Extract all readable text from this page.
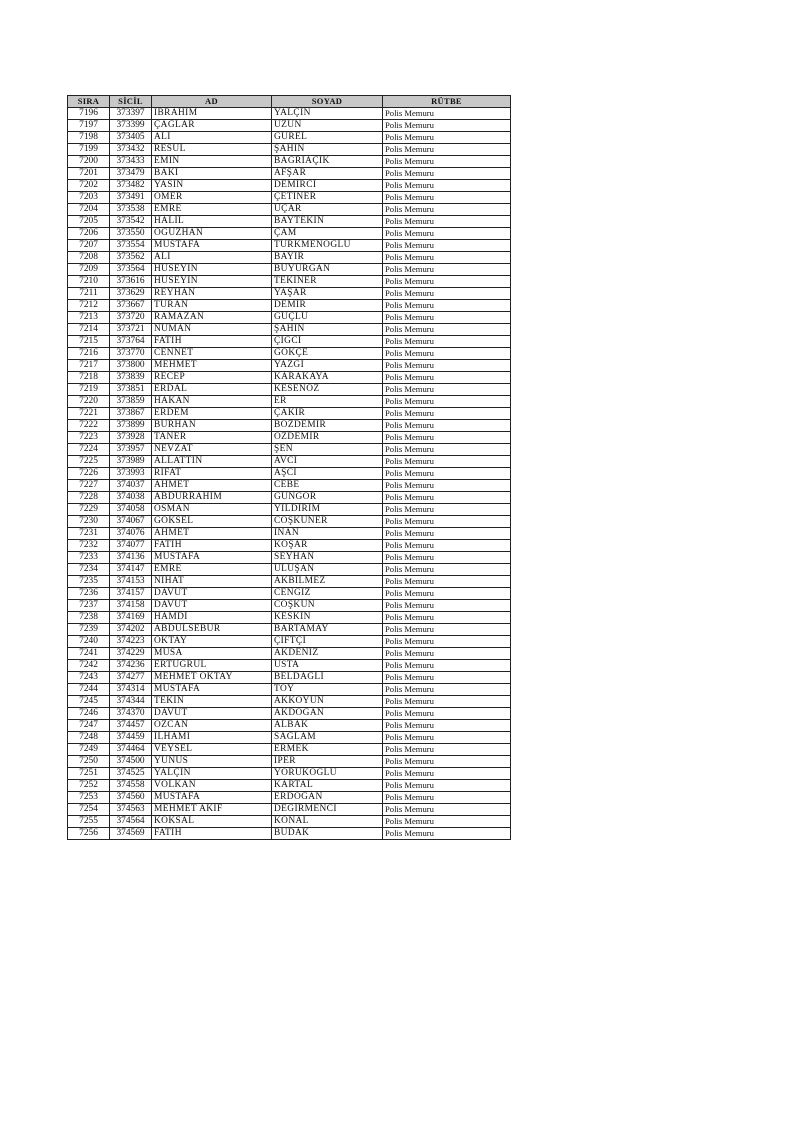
SIRA	SİCİL	AD	SOYAD	RÜTBE
7196	373397	İBRAHİM	YALÇIN	Polis Memuru
7197	373399	ÇAĞLAR	UZUN	Polis Memuru
7198	373405	ALİ	GÜREL	Polis Memuru
7199	373432	RESUL	ŞAHİN	Polis Memuru
7200	373433	EMİN	BAĞRIAÇIK	Polis Memuru
7201	373479	BAKİ	AFŞAR	Polis Memuru
7202	373482	YASİN	DEMİRCİ	Polis Memuru
7203	373491	ÖMER	ÇETİNER	Polis Memuru
7204	373538	EMRE	UÇAR	Polis Memuru
7205	373542	HALİL	BAYTEKİN	Polis Memuru
7206	373550	OĞUZHAN	ÇAM	Polis Memuru
7207	373554	MUSTAFA	TÜRKMENOĞLU	Polis Memuru
7208	373562	ALİ	BAYIR	Polis Memuru
7209	373564	HÜSEYİN	BUYURGAN	Polis Memuru
7210	373616	HÜSEYİN	TEKİNER	Polis Memuru
7211	373629	REYHAN	YAŞAR	Polis Memuru
7212	373667	TURAN	DEMİR	Polis Memuru
7213	373720	RAMAZAN	GÜÇLÜ	Polis Memuru
7214	373721	NUMAN	ŞAHİN	Polis Memuru
7215	373764	FATİH	ÇİĞCİ	Polis Memuru
7216	373770	CENNET	GÖKÇE	Polis Memuru
7217	373800	MEHMET	YAZĞI	Polis Memuru
7218	373839	RECEP	KARAKAYA	Polis Memuru
7219	373851	ERDAL	KESENÖZ	Polis Memuru
7220	373859	HAKAN	ER	Polis Memuru
7221	373867	ERDEM	ÇAKIR	Polis Memuru
7222	373899	BURHAN	BOZDEMİR	Polis Memuru
7223	373928	TANER	ÖZDEMİR	Polis Memuru
7224	373957	NEVZAT	ŞEN	Polis Memuru
7225	373989	ALLATTİN	AVCI	Polis Memuru
7226	373993	RİFAT	AŞCI	Polis Memuru
7227	374037	AHMET	CEBE	Polis Memuru
7228	374038	ABDURRAHİM	GÜNGÖR	Polis Memuru
7229	374058	OSMAN	YILDIRIM	Polis Memuru
7230	374067	GÖKSEL	COŞKUNER	Polis Memuru
7231	374076	AHMET	İNAN	Polis Memuru
7232	374077	FATİH	KOŞAR	Polis Memuru
7233	374136	MUSTAFA	SEYHAN	Polis Memuru
7234	374147	EMRE	ULUŞAN	Polis Memuru
7235	374153	NİHAT	AKBİLMEZ	Polis Memuru
7236	374157	DAVUT	CENGİZ	Polis Memuru
7237	374158	DAVUT	COŞKUN	Polis Memuru
7238	374169	HAMDİ	KESKİN	Polis Memuru
7239	374202	ABDULSEBUR	BARTAMAY	Polis Memuru
7240	374223	OKTAY	ÇİFTÇİ	Polis Memuru
7241	374229	MUSA	AKDENİZ	Polis Memuru
7242	374236	ERTUĞRUL	USTA	Polis Memuru
7243	374277	MEHMET OKTAY	BELDAĞLI	Polis Memuru
7244	374314	MUSTAFA	TOY	Polis Memuru
7245	374344	TEKİN	AKKOYUN	Polis Memuru
7246	374370	DAVUT	AKDOĞAN	Polis Memuru
7247	374457	ÖZCAN	ALBAK	Polis Memuru
7248	374459	İLHAMİ	SAĞLAM	Polis Memuru
7249	374464	VEYSEL	ERMEK	Polis Memuru
7250	374500	YUNUS	İPER	Polis Memuru
7251	374525	YALÇIN	YÖRÜKOĞLU	Polis Memuru
7252	374558	VOLKAN	KARTAL	Polis Memuru
7253	374560	MUSTAFA	ERDOĞAN	Polis Memuru
7254	374563	MEHMET AKİF	DEĞİRMENCİ	Polis Memuru
7255	374564	KÖKSAL	KONAL	Polis Memuru
7256	374569	FATİH	BUDAK	Polis Memuru
